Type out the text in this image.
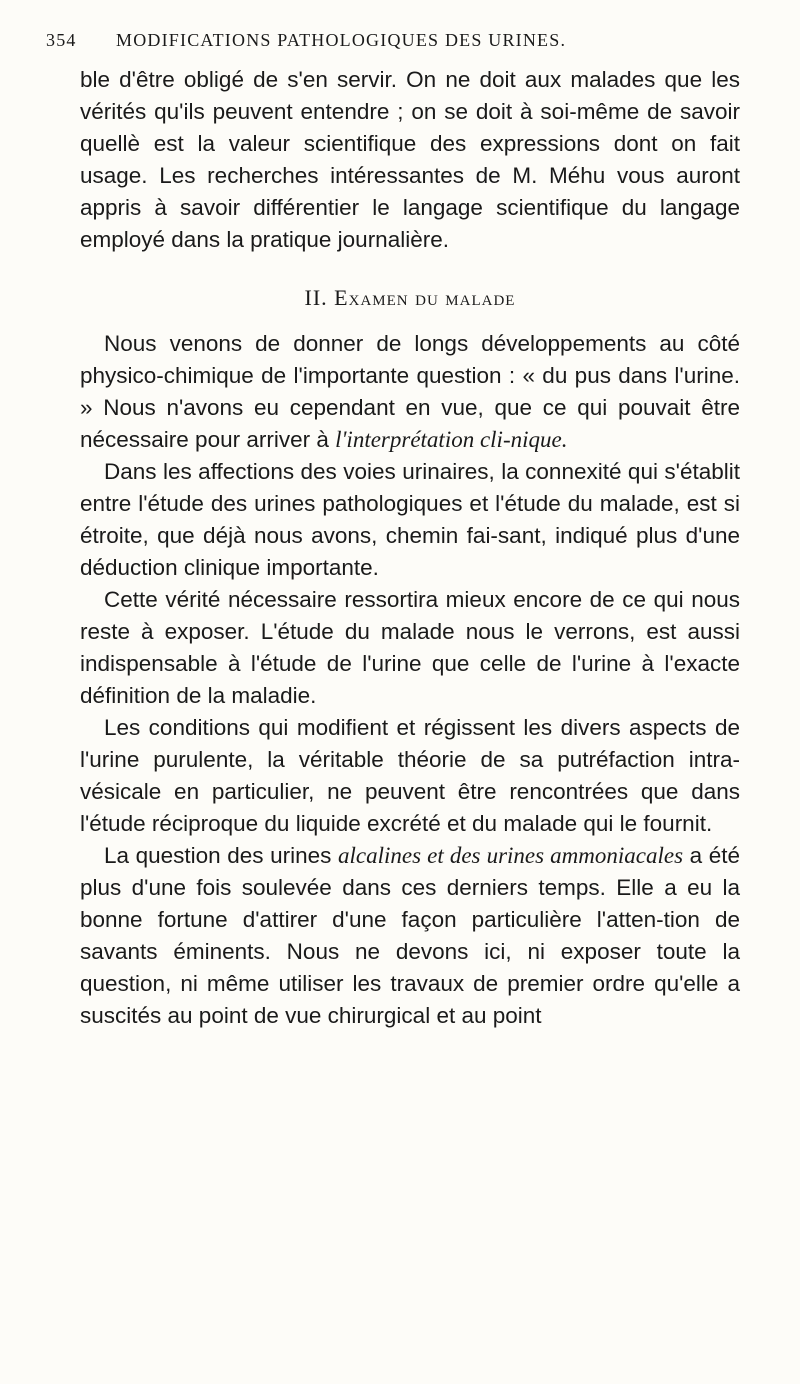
354	MODIFICATIONS PATHOLOGIQUES DES URINES.

ble d'être obligé de s'en servir. On ne doit aux malades que les vérités qu'ils peuvent entendre ; on se doit à soi-même de savoir quellè est la valeur scientifique des expressions dont on fait usage. Les recherches intéressantes de M. Méhu vous auront appris à savoir différentier le langage scientifique du langage employé dans la pratique journalière.

II. Examen du malade

Nous venons de donner de longs développements au côté physico-chimique de l'importante question : « du pus dans l'urine. » Nous n'avons eu cependant en vue, que ce qui pouvait être nécessaire pour arriver à l'interprétation cli-nique.

Dans les affections des voies urinaires, la connexité qui s'établit entre l'étude des urines pathologiques et l'étude du malade, est si étroite, que déjà nous avons, chemin fai-sant, indiqué plus d'une déduction clinique importante.

Cette vérité nécessaire ressortira mieux encore de ce qui nous reste à exposer. L'étude du malade nous le verrons, est aussi indispensable à l'étude de l'urine que celle de l'urine à l'exacte définition de la maladie.

Les conditions qui modifient et régissent les divers aspects de l'urine purulente, la véritable théorie de sa putréfaction intra-vésicale en particulier, ne peuvent être rencontrées que dans l'étude réciproque du liquide excrété et du malade qui le fournit.

La question des urines alcalines et des urines ammoniacales a été plus d'une fois soulevée dans ces derniers temps. Elle a eu la bonne fortune d'attirer d'une façon particulière l'atten-tion de savants éminents. Nous ne devons ici, ni exposer toute la question, ni même utiliser les travaux de premier ordre qu'elle a suscités au point de vue chirurgical et au point
